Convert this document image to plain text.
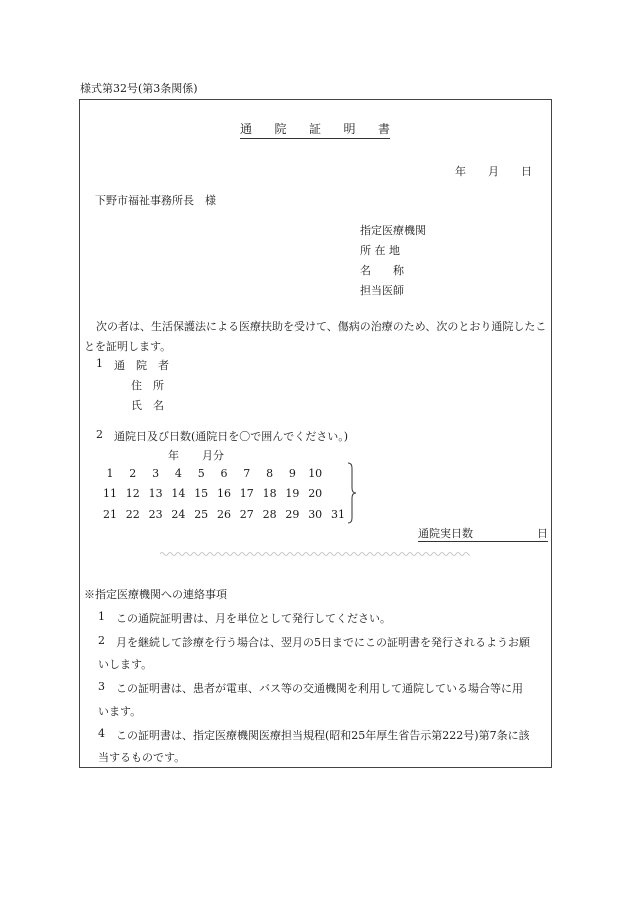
様式第32号(第3条関係)
通 院 証 明 書
年	月	日
下野市福祉事務所長　様
指定医療機関
所 在 地
名　　称
担当医師
次の者は、生活保護法による医療扶助を受けて、傷病の治療のため、次のとおり通院したことを証明します。
1 通　院　者
住　所
氏　名
2 通院日及び日数(通院日を〇で囲んでください。)
年 月分
1	2	3	4	5	6	7	8	9	10
11 12 13 14 15 16 17 18 19 20
21 22 23 24 25 26 27 28 29 30 31
通院実日数	日
※指定医療機関への連絡事項
1 この通院証明書は、月を単位として発行してください。
2 月を継続して診療を行う場合は、翌月の5日までにこの証明書を発行されるようお願
いします。
3 この証明書は、患者が電車、バス等の交通機関を利用して通院している場合等に用
います。
4 この証明書は、指定医療機関医療担当規程(昭和25年厚生省告示第222号)第7条に該
当するものです。
